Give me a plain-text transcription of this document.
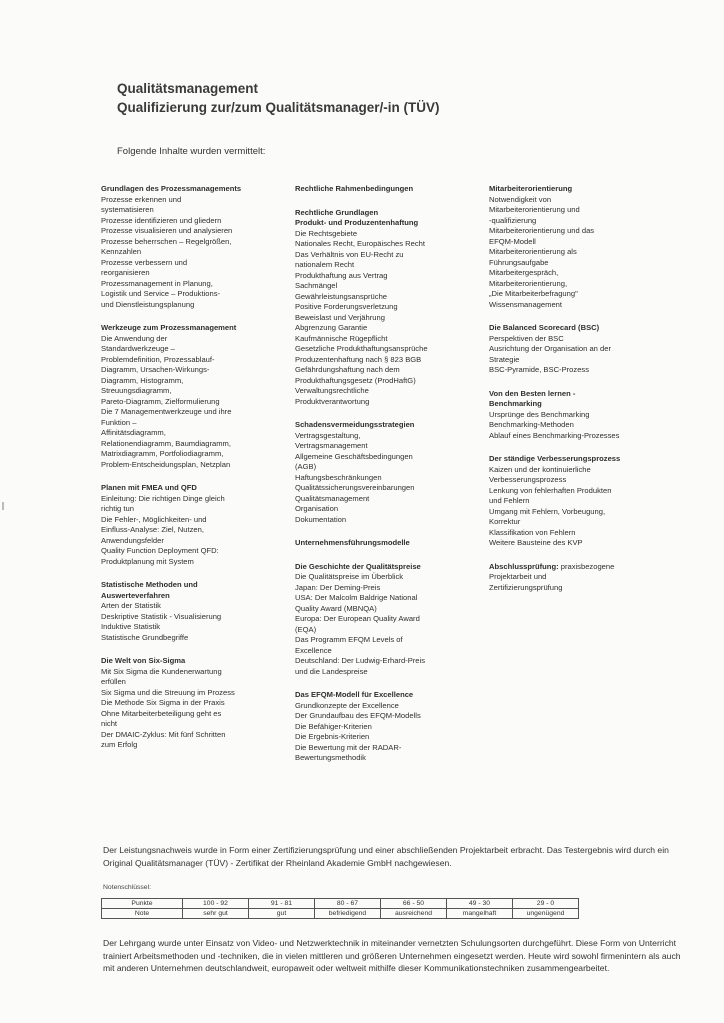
Qualitätsmanagement
Qualifizierung zur/zum Qualitätsmanager/-in (TÜV)
Folgende Inhalte wurden vermittelt:
Grundlagen des Prozessmanagements
Prozesse erkennen und
systematisieren
Prozesse identifizieren und gliedern
Prozesse visualisieren und analysieren
Prozesse beherrschen – Regelgrößen,
Kennzahlen
Prozesse verbessern und
reorganisieren
Prozessmanagement in Planung,
Logistik und Service – Produktions-
und Dienstleistungsplanung
Werkzeuge zum Prozessmanagement
Die Anwendung der
Standardwerkzeuge –
Problemdefinition, Prozessablauf-
Diagramm, Ursachen-Wirkungs-
Diagramm, Histogramm,
Streuungsdiagramm,
Pareto-Diagramm, Zielformulierung
Die 7 Managementwerkzeuge und ihre
Funktion –
Affinitätsdiagramm,
Relationendiagramm, Baumdiagramm,
Matrixdiagramm, Portfoliodiagramm,
Problem-Entscheidungsplan, Netzplan
Planen mit FMEA und QFD
Einleitung: Die richtigen Dinge gleich
richtig tun
Die Fehler-, Möglichkeiten- und
Einfluss-Analyse: Ziel, Nutzen,
Anwendungsfelder
Quality Function Deployment QFD:
Produktplanung mit System
Statistische Methoden und
Auswerteverfahren
Arten der Statistik
Deskriptive Statistik - Visualisierung
Induktive Statistik
Statistische Grundbegriffe
Die Welt von Six-Sigma
Mit Six Sigma die Kundenerwartung
erfüllen
Six Sigma und die Streuung im Prozess
Die Methode Six Sigma in der Praxis
Ohne Mitarbeiterbeteiligung geht es
nicht
Der DMAIC-Zyklus: Mit fünf Schritten
zum Erfolg
Rechtliche Rahmenbedingungen
Rechtliche Grundlagen
Produkt- und Produzentenhaftung
Die Rechtsgebiete
Nationales Recht, Europäisches Recht
Das Verhältnis von EU-Recht zu
nationalem Recht
Produkthaftung aus Vertrag
Sachmängel
Gewährleistungsansprüche
Positive Forderungsverletzung
Beweislast und Verjährung
Abgrenzung Garantie
Kaufmännische Rügepflicht
Gesetzliche Produkthaftungsansprüche
Produzentenhaftung nach § 823 BGB
Gefährdungshaftung nach dem
Produkthaftungsgesetz (ProdHaftG)
Verwaltungsrechtliche
Produktverantwortung
Schadensvermeidungsstrategien
Vertragsgestaltung,
Vertragsmanagement
Allgemeine Geschäftsbedingungen
(AGB)
Haftungsbeschränkungen
Qualitätssicherungsvereinbarungen
Qualitätsmanagement
Organisation
Dokumentation
Unternehmensführungsmodelle
Die Geschichte der Qualitätspreise
Die Qualitätspreise im Überblick
Japan: Der Deming-Preis
USA: Der Malcolm Baldrige National
Quality Award (MBNQA)
Europa: Der European Quality Award
(EQA)
Das Programm EFQM Levels of
Excellence
Deutschland: Der Ludwig-Erhard-Preis
und die Landespreise
Das EFQM-Modell für Excellence
Grundkonzepte der Excellence
Der Grundaufbau des EFQM-Modells
Die Befähiger-Kriterien
Die Ergebnis-Kriterien
Die Bewertung mit der RADAR-
Bewertungsmethodik
Mitarbeiterorientierung
Notwendigkeit von
Mitarbeiterorientierung und
-qualifizierung
Mitarbeiterorientierung und das
EFQM-Modell
Mitarbeiterorientierung als
Führungsaufgabe
Mitarbeitergespräch,
Mitarbeiterorientierung,
„Die Mitarbeiterbefragung"
Wissensmanagement
Die Balanced Scorecard (BSC)
Perspektiven der BSC
Ausrichtung der Organisation an der
Strategie
BSC-Pyramide, BSC-Prozess
Von den Besten lernen -
Benchmarking
Ursprünge des Benchmarking
Benchmarking-Methoden
Ablauf eines Benchmarking-Prozesses
Der ständige Verbesserungsprozess
Kaizen und der kontinuierliche
Verbesserungsprozess
Lenkung von fehlerhaften Produkten
und Fehlern
Umgang mit Fehlern, Vorbeugung,
Korrektur
Klassifikation von Fehlern
Weitere Bausteine des KVP
Abschlussprüfung: praxisbezogene
Projektarbeit und
Zertifizierungsprüfung
Der Leistungsnachweis wurde in Form einer Zertifizierungsprüfung und einer abschließenden Projektarbeit erbracht. Das Testergebnis wird durch ein Original Qualitätsmanager (TÜV) - Zertifikat der Rheinland Akademie GmbH nachgewiesen.
Notenschlüssel:
Punkte	100 - 92	91 - 81	80 - 67	66 - 50	49 - 30	29 - 0
Note	sehr gut	gut	befriedigend	ausreichend	mangelhaft	ungenügend
Der Lehrgang wurde unter Einsatz von Video- und Netzwerktechnik in miteinander vernetzten Schulungsorten durchgeführt. Diese Form von Unterricht trainiert Arbeitsmethoden und -techniken, die in vielen mittleren und größeren Unternehmen eingesetzt werden. Heute wird sowohl firmenintern als auch mit anderen Unternehmen deutschlandweit, europaweit oder weltweit mithilfe dieser Kommunikationstechniken zusammengearbeitet.
